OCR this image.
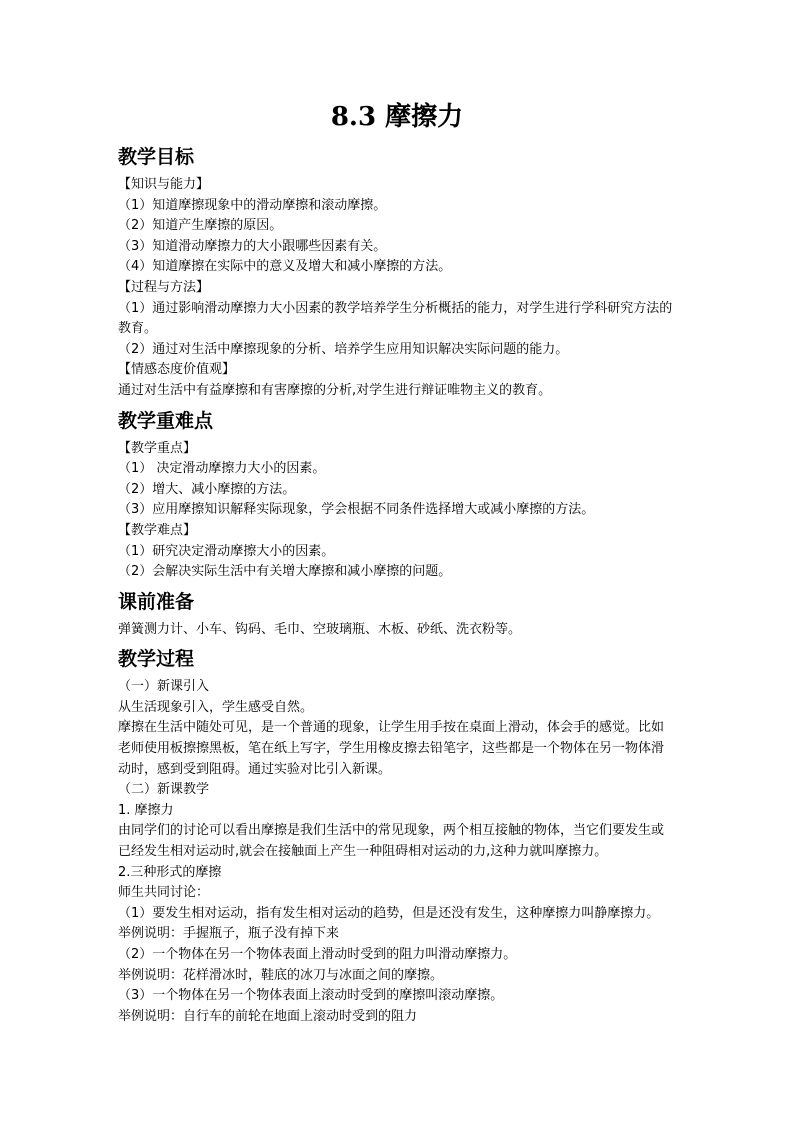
8.3 摩擦力
教学目标
【知识与能力】
（1）知道摩擦现象中的滑动摩擦和滚动摩擦。
（2）知道产生摩擦的原因。
（3）知道滑动摩擦力的大小跟哪些因素有关。
（4）知道摩擦在实际中的意义及增大和减小摩擦的方法。
【过程与方法】
（1）通过影响滑动摩擦力大小因素的教学培养学生分析概括的能力，对学生进行学科研究方法的教育。
（2）通过对生活中摩擦现象的分析、培养学生应用知识解决实际问题的能力。
【情感态度价值观】
通过对生活中有益摩擦和有害摩擦的分析,对学生进行辩证唯物主义的教育。
教学重难点
【教学重点】
（1） 决定滑动摩擦力大小的因素。
（2）增大、减小摩擦的方法。
（3）应用摩擦知识解释实际现象，学会根据不同条件选择增大或减小摩擦的方法。
【教学难点】
（1）研究决定滑动摩擦大小的因素。
（2）会解决实际生活中有关增大摩擦和减小摩擦的问题。
课前准备
弹簧测力计、小车、钩码、毛巾、空玻璃瓶、木板、砂纸、洗衣粉等。
教学过程
（一）新课引入
从生活现象引入，学生感受自然。
摩擦在生活中随处可见，是一个普通的现象，让学生用手按在桌面上滑动，体会手的感觉。比如老师使用板擦擦黑板，笔在纸上写字，学生用橡皮擦去铅笔字，这些都是一个物体在另一物体滑动时，感到受到阻碍。通过实验对比引入新课。
（二）新课教学
1. 摩擦力
由同学们的讨论可以看出摩擦是我们生活中的常见现象，两个相互接触的物体，当它们要发生或已经发生相对运动时,就会在接触面上产生一种阻碍相对运动的力,这种力就叫摩擦力。
2.三种形式的摩擦
师生共同讨论：
（1）要发生相对运动，指有发生相对运动的趋势，但是还没有发生，这种摩擦力叫静摩擦力。
举例说明：手握瓶子，瓶子没有掉下来
（2）一个物体在另一个物体表面上滑动时受到的阻力叫滑动摩擦力。
举例说明：花样滑冰时，鞋底的冰刀与冰面之间的摩擦。
（3）一个物体在另一个物体表面上滚动时受到的摩擦叫滚动摩擦。
举例说明：自行车的前轮在地面上滚动时受到的阻力
